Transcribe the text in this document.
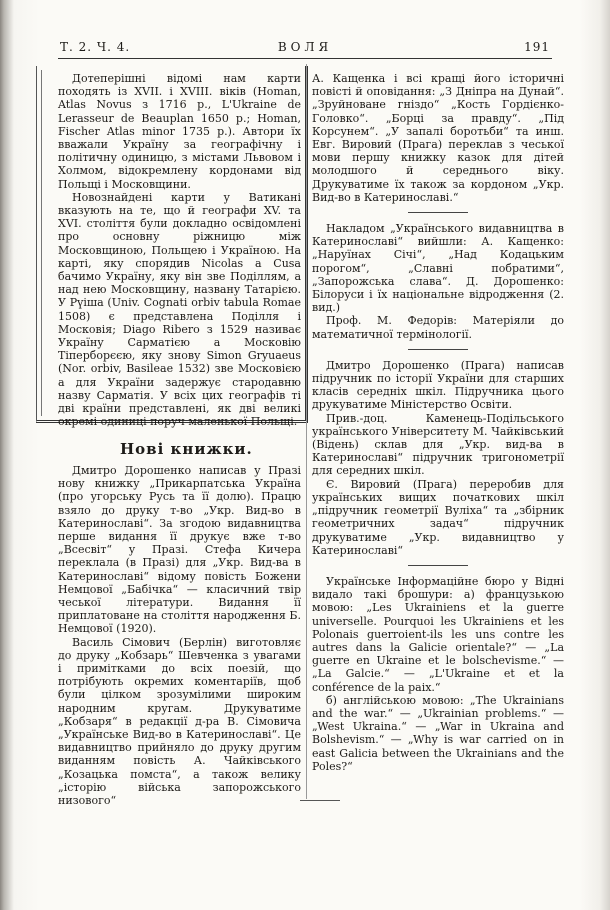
Т. 2. Ч. 4.	ВОЛЯ	191

Дотеперішні відомі нам карти походять із XVII. і XVIII. віків (Homan, Atlas Novus з 1716 р., L'Ukraine de Lerasseur de Beauplan 1650 р.; Homan, Fischer Atlas minor 1735 р.). Автори їх вважали Україну за географічну і політичну одиницю, з містами Львовом і Холмом, відокремлену кордонами від Польщі і Московщини.

Новознайдені карти у Ватикані вказують на те, що й географи XV. та XVI. століття були докладно освідомлені про основну ріжницю між Московщиною, Польщею і Україною. На карті, яку спорядив Nicolas a Cusa бачимо Україну, яку він зве Поділлям, а над нею Московщину, названу Татарією. У Рүіша (Univ. Cognati orbiv tabula Romae 1508) є представлена Поділля і Московія; Diago Ribero з 1529 називає Україну Сарматією а Московію Тіперборєєю, яку знову Simon Gryuaeus (Nor. orbiv, Basileae 1532) зве Московією а для України задержує стародавню назву Сарматія. У всіх цих географів ті дві країни представлені, як дві великі окремі одиниці поруч маленької Польщі.

Нові книжки.

Дмитро Дорошенко написав у Празі нову книжку „Прикарпатська Україна (про угорську Русь та її долю). Працю взяло до друку т-во „Укр. Вид-во в Катеринославі“. За згодою видавництва перше видання її друкує вже т-во „Всесвіт“ у Празі. Стефа Кичера переклала (в Празі) для „Укр. Вид-ва в Катеринославі“ відому повість Божени Немцової „Бабічка“ — класичний твір чеської літератури. Видання її приплатоване на століття народження Б. Немцової (1920).

Василь Сімович (Берлін) виготовляє до друку „Кобзарь“ Шевченка з увагами і примітками до всіх поезій, що потрібують окремих коментаріїв, щоб були цілком зрозумілими широким народним кругам. Друкуватиме „Кобзаря“ в редакції д-ра В. Сімовича „Українське Вид-во в Катеринославі“. Це видавництво прийняло до друку другим виданням повість А. Чайківського „Козацька помста“, а також велику „історію війська запорожського низового“

А. Кащенка і всі кращі його історичні повісті й оповідання: „З Дніпра на Дунай“. „Зруйноване гніздо“ „Кость Гордієнко-Головко“. „Борці за правду“. „Під Корсунем“. „У запалі боротьби“ та инш. Евг. Вировий (Прага) переклав з чеської мови першу книжку казок для дітей молодшого й середнього віку. Друкуватиме їх також за кордоном „Укр. Вид-во в Катеринославі.“

Накладом „Українського видавництва в Катеринославі“ вийшли: А. Кащенко: „Наруїнах Січі“, „Над Кодацьким порогом“, „Славні побратими“, „Запорожська слава“. Д. Дорошенко: Білоруси і їх національне відродження (2. вид.)

Проф. М. Федорів: Матеріяли до математичної термінології.

Дмитро Дорошенко (Прага) написав підручник по історії України для старших класів середніх шкіл. Підручника цього друкуватиме Міністерство Освіти.

Прив.-доц. Каменець-Подільського українського Університету М. Чайківський (Відень) склав для „Укр. вид-ва в Катеринославі“ підручник тригонометрії для середних шкіл.

Є. Вировий (Прага) переробив для українських вищих початкових шкіл „підручник геометрії Вуліха“ та „збірник геометричних задач“ підручник друкуватиме „Укр. видавництво у Катеринославі“

Українське Інформаційне бюро у Відні видало такі брошури: а) французькою мовою: „Les Ukrainiens et la guerre universelle. Pourquoi les Ukrainiens et les Polonais guerroient-ils les uns contre les autres dans la Galicie orientale?“ — „La guerre en Ukraine et le bolschevisme.“ — „La Galcie.“ — „L'Ukraine et et la conférence de la paix.“

б) англійською мовою: „The Ukrainians and the war.“ — „Ukrainian problems.“ — „West Ukraina.“ — „War in Ukraina and Bolshevism.“ — „Why is war carried on in east Galicia between the Ukrainians and the Poles?“
